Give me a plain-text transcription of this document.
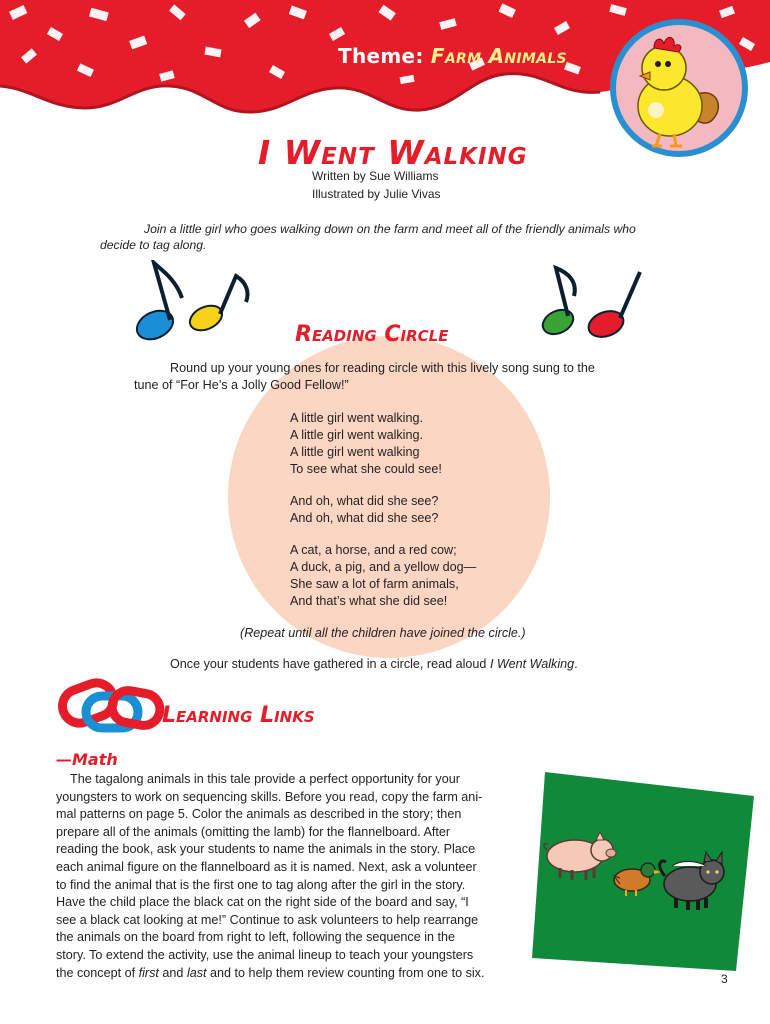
Theme: Farm Animals
I Went Walking
Written by Sue Williams
Illustrated by Julie Vivas
Join a little girl who goes walking down on the farm and meet all of the friendly animals who
decide to tag along.
Reading Circle
Round up your young ones for reading circle with this lively song sung to the
tune of “For He’s a Jolly Good Fellow!”
A little girl went walking.
A little girl went walking.
A little girl went walking
To see what she could see!
And oh, what did she see?
And oh, what did she see?
A cat, a horse, and a red cow;
A duck, a pig, and a yellow dog—
She saw a lot of farm animals,
And that’s what she did see!
(Repeat until all the children have joined the circle.)
Once your students have gathered in a circle, read aloud I Went Walking.
Learning Links
—Math
The tagalong animals in this tale provide a perfect opportunity for your
youngsters to work on sequencing skills. Before you read, copy the farm ani-
mal patterns on page 5. Color the animals as described in the story; then
prepare all of the animals (omitting the lamb) for the flannelboard. After
reading the book, ask your students to name the animals in the story. Place
each animal figure on the flannelboard as it is named. Next, ask a volunteer
to find the animal that is the first one to tag along after the girl in the story.
Have the child place the black cat on the right side of the board and say, “I
see a black cat looking at me!” Continue to ask volunteers to help rearrange
the animals on the board from right to left, following the sequence in the
story. To extend the activity, use the animal lineup to teach your youngsters
the concept of first and last and to help them review counting from one to six.	3
